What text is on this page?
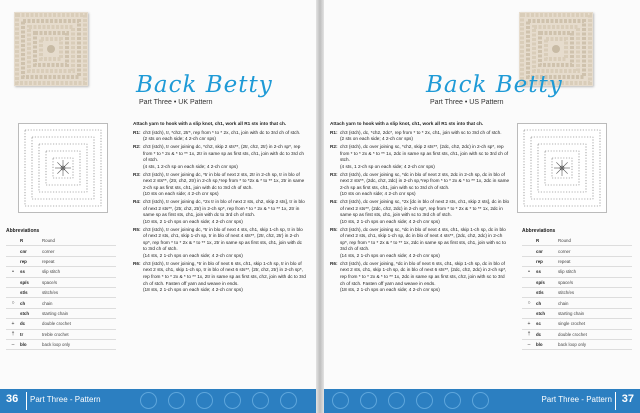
Back Betty
Part Three • UK Pattern
Abbreviations
R	Round
cnr	corner
rep	repeat
•	ss	slip stitch
sp/s	space/s
st/s	stitch/es
○	ch	chain
stch	starting chain
+	dc	double crochet
†	tr	treble crochet
–	blo	back loop only
Attach yarn to hook with a slip knot, ch1, work all R1 sts into that ch.
R1: ch3 (stch), tr, *ch2, 2tr*, rep from * to * 2x, ch1, join with dc to 3rd ch of stch.
(2 sts on each side; 4 2-ch cnr sps)
R2: ch3 (stch), tr over joining dc, *ch2, skip 2 sts**, (2tr, ch2, 2tr) in 2-ch sp*, rep from * to * 2x & * to ** 1x, 2tr in same sp as first sts, ch1, join with dc to 3rd ch of stch.
(4 sts, 1 2-ch sp on each side; 4 2-ch cnr sps)
R3: ch3 (stch), tr over joining dc, *tr in blo of next 2 sts, 2tr in 2-ch sp, tr in blo of next 2 sts**, (2tr, ch2, 2tr) in 2-ch sp,*rep from * to *2x & * to ** 1x, 2tr in same 2-ch sp as first sts, ch1, join with dc to 3rd ch of stch.
(10 sts on each side; 4 2-ch cnr sps)
R4: ch3 (stch), tr over joining dc, *2x tr in blo of next 2 sts, ch2, skip 2 sts], tr in blo of next 2 sts**, (2tr, ch2, 2tr) in 2-ch sp*, rep from * to * 2x & * to ** 1x, 2tr in same sp as first sts, ch1, join with dc to 3rd ch of stch.
(10 sts, 2 1-ch sps on each side; 4 2-ch cnr sps)
R5: ch3 (stch), tr over joining dc, *tr in blo of next 4 sts, ch1, skip 1-ch sp, tr in blo of next 2 sts, ch1, skip 1-ch sp, tr in blo of next 4 sts**, (2tr, ch2, 2tr) in 2-ch sp*, rep from * to * 2x & * to ** 1x, 2tr in same sp as first sts, ch1, join with dc to 3rd ch of stch.
(14 sts, 2 1-ch sps on each side; 4 2-ch cnr sps)
R6: ch3 (stch), tr over joining, *tr in blo of next 6 sts, ch1, skip 1-ch sp, tr in blo of next 2 sts, ch1, skip 1-ch sp, tr in blo of next 6 sts**, (2tr, ch2, 2tr) in 2-ch sp*, rep from * to * 2x & * to ** 1x, 2tr in same sp as first sts, ch2, join with dc to 3rd ch of stch. Fasten off yarn and weave in ends.
(18 sts, 2 1-ch sps on each side; 4 2-ch cnr sps)
36 Part Three - Pattern
Back Betty
Part Three • US Pattern
Abbreviations
R	Round
cnr	corner
rep	repeat
•	ss	slip stitch
sp/s	space/s
st/s	stitch/es
○	ch	chain
stch	starting chain
+	sc	single crochet
†	dc	double crochet
–	blo	back loop only
Attach yarn to hook with a slip knot, ch1, work all R1 sts into that ch.
R1: ch3 (stch), dc, *ch2, 2dc*, rep from * to * 2x, ch1, join with sc to 3rd ch of stch.
(2 sts on each side; 4 2-ch cnr sps)
R2: ch3 (stch), dc over joining sc, *ch2, skip 2 sts**, (2dc, ch2, 2dc) in 2-ch sp*, rep from * to * 2x & * to ** 1x, 2dc in same sp as first sts, ch1, join with sc to 3rd ch of stch.
(4 sts, 1 2-ch sp on each side; 4 2-ch cnr sps)
R3: ch3 (stch), dc over joining sc, *dc in blo of next 2 sts, 2dc in 2-ch sp, dc in blo of next 2 sts**, (2dc, ch2, 2dc) in 2-ch sp,*rep from * to * 2x & * to ** 1x, 2dc in same 2-ch sp as first sts, ch1, join with sc to 3rd ch of stch.
(10 sts on each side; 4 2-ch cnr sps)
R4: ch3 (stch), dc over joining sc, *2x [dc in blo of next 2 sts, ch1, skip 2 sts], dc in blo of next 2 sts**, (2dc, ch2, 2dc) in 2-ch sp*, rep from * to * 2x & * to ** 1x, 2dc in same sp as first sts, ch1, join with sc to 3rd ch of stch.
(10 sts, 2 1-ch sps on each side; 4 2-ch cnr sps)
R5: ch3 (stch), dc over joining sc, *dc in blo of next 4 sts, ch1, skip 1-ch sp, dc in blo of next 2 sts, ch1, skip 1-ch sp, dc in blo of next 4 sts**, (2dc, ch2, 2dc) in 2-ch sp*, rep from * to * 2x & * to ** 1x, 2dc in same sp as first sts, ch1, join with sc to 3rd ch of stch.
(14 sts, 2 1-ch sps on each side; 4 2-ch cnr sps)
R6: ch3 (stch), dc over joining, *dc in blo of next 6 sts, ch1, skip 1-ch sp, dc in blo of next 2 sts, ch1, skip 1-ch sp, dc in blo of next 6 sts**, (2dc, ch2, 2dc) in 2-ch sp*, rep from * to * 2x & * to ** 1x, 2dc in same sp as first sts, ch2, join with sc to 3rd ch of stch. Fasten off yarn and weave in ends.
(18 sts, 2 1-ch sps on each side; 4 2-ch cnr sps)
37
Part Three - Pattern
